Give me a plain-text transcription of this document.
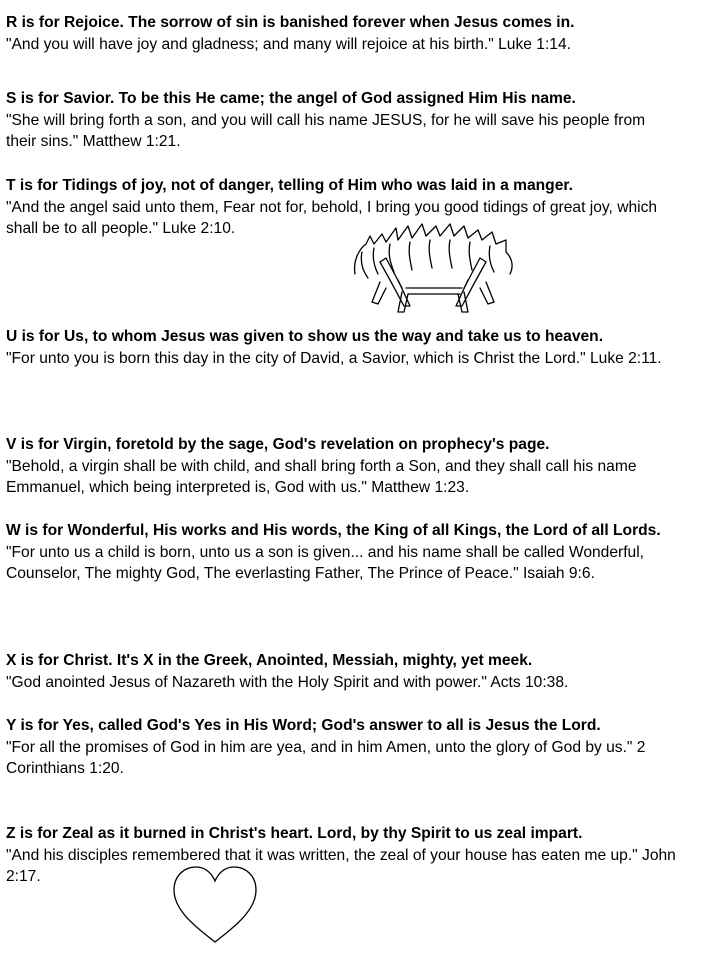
R is for Rejoice. The sorrow of sin is banished forever when Jesus comes in.
"And you will have joy and gladness; and many will rejoice at his birth." Luke 1:14.
S is for Savior. To be this He came; the angel of God assigned Him His name.
"She will bring forth a son, and you will call his name JESUS, for he will save his people from their sins." Matthew 1:21.
T is for Tidings of joy, not of danger, telling of Him who was laid in a manger.
"And the angel said unto them, Fear not for, behold, I bring you good tidings of great joy, which shall be to all people." Luke 2:10.
U is for Us, to whom Jesus was given to show us the way and take us to heaven.
"For unto you is born this day in the city of David, a Savior, which is Christ the Lord." Luke 2:11.
V is for Virgin, foretold by the sage, God's revelation on prophecy's page.
"Behold, a virgin shall be with child, and shall bring forth a Son, and they shall call his name Emmanuel, which being interpreted is, God with us." Matthew 1:23.
W is for Wonderful, His works and His words, the King of all Kings, the Lord of all Lords.
"For unto us a child is born, unto us a son is given... and his name shall be called Wonderful, Counselor, The mighty God, The everlasting Father, The Prince of Peace." Isaiah 9:6.
X is for Christ. It's X in the Greek, Anointed, Messiah, mighty, yet meek.
"God anointed Jesus of Nazareth with the Holy Spirit and with power." Acts 10:38.
Y is for Yes, called God's Yes in His Word; God's answer to all is Jesus the Lord.
"For all the promises of God in him are yea, and in him Amen, unto the glory of God by us." 2 Corinthians 1:20.
Z is for Zeal as it burned in Christ's heart. Lord, by thy Spirit to us zeal impart.
"And his disciples remembered that it was written, the zeal of your house has eaten me up." John 2:17.
